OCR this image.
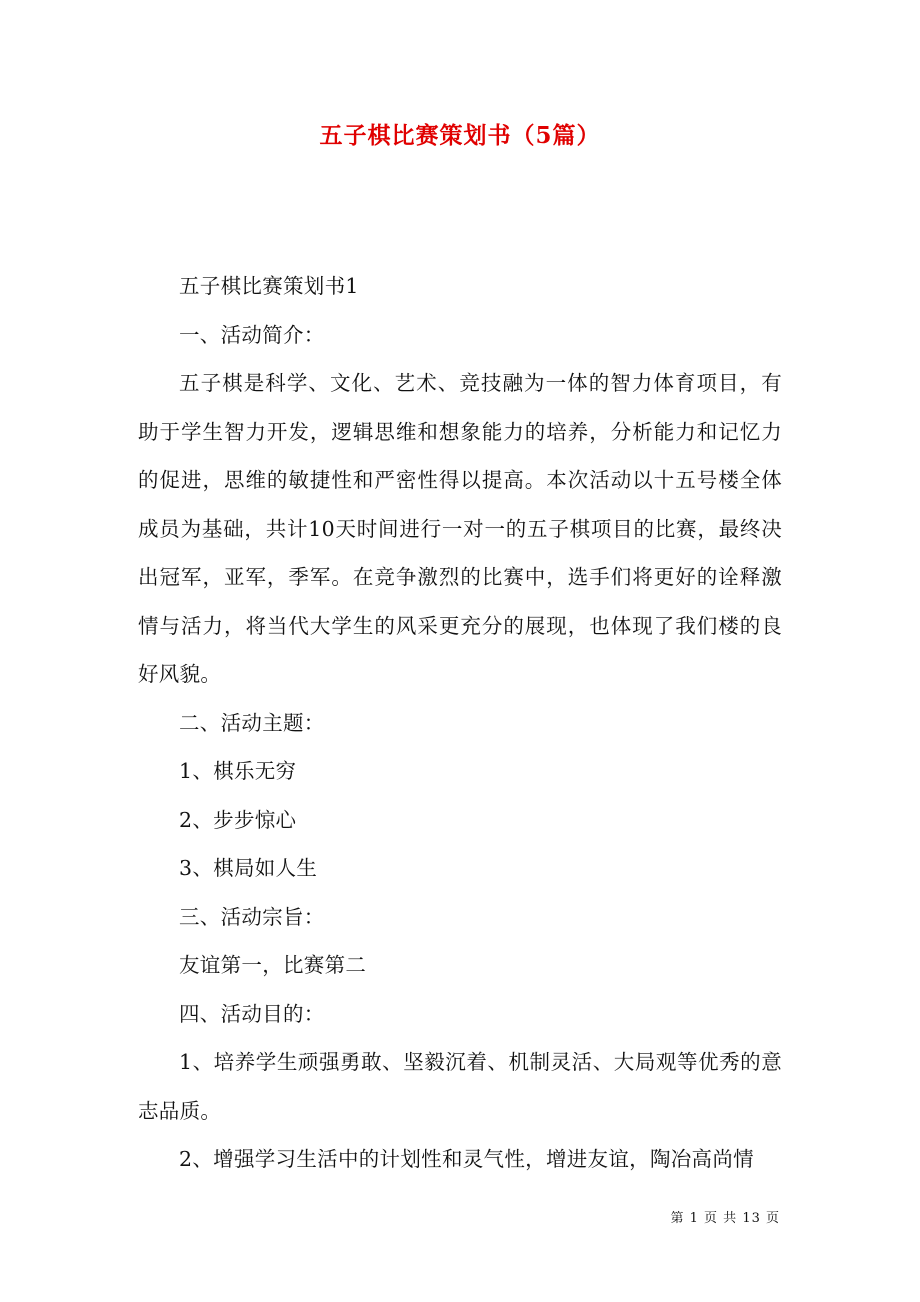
五子棋比赛策划书（5篇）

五子棋比赛策划书1

一、活动简介：

五子棋是科学、文化、艺术、竞技融为一体的智力体育项目，有助于学生智力开发，逻辑思维和想象能力的培养，分析能力和记忆力的促进，思维的敏捷性和严密性得以提高。本次活动以十五号楼全体成员为基础，共计10天时间进行一对一的五子棋项目的比赛，最终决出冠军，亚军，季军。在竞争激烈的比赛中，选手们将更好的诠释激情与活力，将当代大学生的风采更充分的展现，也体现了我们楼的良好风貌。

二、活动主题：

1、棋乐无穷

2、步步惊心

3、棋局如人生

三、活动宗旨：

友谊第一，比赛第二

四、活动目的：

1、培养学生顽强勇敢、坚毅沉着、机制灵活、大局观等优秀的意志品质。

2、增强学习生活中的计划性和灵气性，增进友谊，陶冶高尚情

第 1 页 共 13 页
